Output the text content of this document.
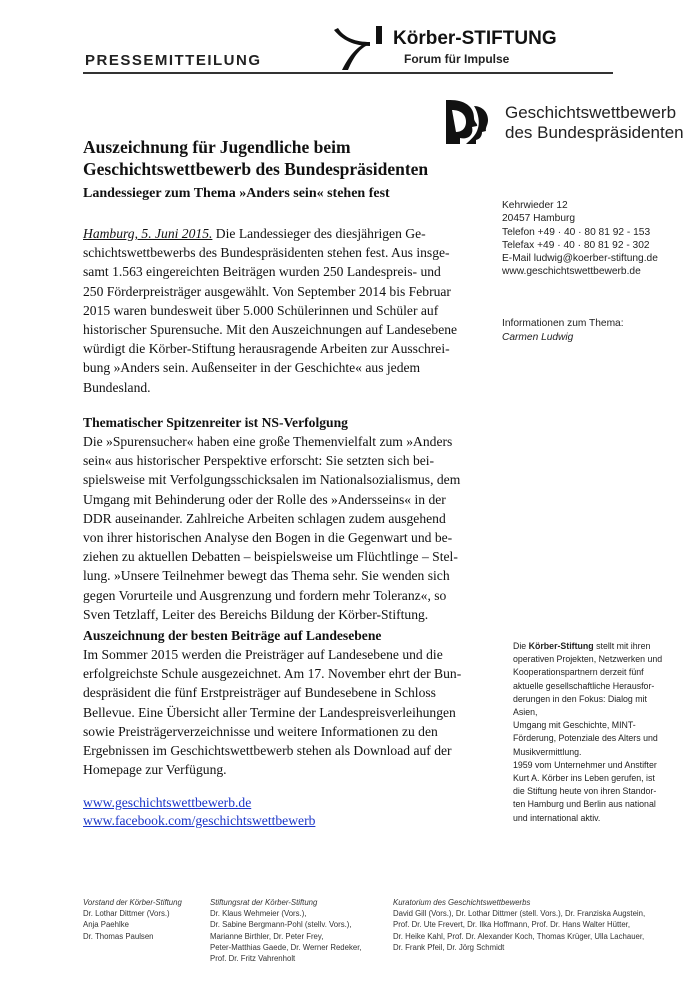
PRESSEMITTEILUNG
Körber-STIFTUNG
Forum für Impulse
Geschichtswettbewerb
des Bundespräsidenten
Auszeichnung für Jugendliche beim
Geschichtswettbewerb des Bundespräsidenten
Landessieger zum Thema »Anders sein« stehen fest
Hamburg, 5. Juni 2015. Die Landessieger des diesjährigen Ge-
schichtswettbewerbs des Bundespräsidenten stehen fest. Aus insge-
samt 1.563 eingereichten Beiträgen wurden 250 Landespreis- und
250 Förderpreisträger ausgewählt. Von September 2014 bis Februar
2015 waren bundesweit über 5.000 Schülerinnen und Schüler auf
historischer Spurensuche. Mit den Auszeichnungen auf Landesebene
würdigt die Körber-Stiftung herausragende Arbeiten zur Ausschrei-
bung »Anders sein. Außenseiter in der Geschichte« aus jedem
Bundesland.
Thematischer Spitzenreiter ist NS-Verfolgung
Die »Spurensucher« haben eine große Themenvielfalt zum »Anders
sein« aus historischer Perspektive erforscht: Sie setzten sich bei-
spielsweise mit Verfolgungsschicksalen im Nationalsozialismus, dem
Umgang mit Behinderung oder der Rolle des »Andersseins« in der
DDR auseinander. Zahlreiche Arbeiten schlagen zudem ausgehend
von ihrer historischen Analyse den Bogen in die Gegenwart und be-
ziehen zu aktuellen Debatten – beispielsweise um Flüchtlinge – Stel-
lung. »Unsere Teilnehmer bewegt das Thema sehr. Sie wenden sich
gegen Vorurteile und Ausgrenzung und fordern mehr Toleranz«, so
Sven Tetzlaff, Leiter des Bereichs Bildung der Körber-Stiftung.
Auszeichnung der besten Beiträge auf Landesebene
Im Sommer 2015 werden die Preisträger auf Landesebene und die
erfolgreichste Schule ausgezeichnet. Am 17. November ehrt der Bun-
despräsident die fünf Erstpreisträger auf Bundesebene in Schloss
Bellevue. Eine Übersicht aller Termine der Landespreisverleihungen
sowie Preisträgerverzeichnisse und weitere Informationen zu den
Ergebnissen im Geschichtswettbewerb stehen als Download auf der
Homepage zur Verfügung.
www.geschichtswettbewerb.de
www.facebook.com/geschichtswettbewerb
Kehrwieder 12
20457 Hamburg
Telefon +49 · 40 · 80 81 92 - 153
Telefax +49 · 40 · 80 81 92 - 302
E-Mail ludwig@koerber-stiftung.de
www.geschichtswettbewerb.de
Informationen zum Thema:
Carmen Ludwig
Die Körber-Stiftung stellt mit ihren
operativen Projekten, Netzwerken und
Kooperationspartnern derzeit fünf
aktuelle gesellschaftliche Herausfor-
derungen in den Fokus: Dialog mit Asien,
Umgang mit Geschichte, MINT-
Förderung, Potenziale des Alters und
Musikvermittlung.
1959 vom Unternehmer und Anstifter
Kurt A. Körber ins Leben gerufen, ist
die Stiftung heute von ihren Standor-
ten Hamburg und Berlin aus national
und international aktiv.
Vorstand der Körber-Stiftung
Dr. Lothar Dittmer (Vors.)
Anja Paehlke
Dr. Thomas Paulsen
Stiftungsrat der Körber-Stiftung
Dr. Klaus Wehmeier (Vors.),
Dr. Sabine Bergmann-Pohl (stellv. Vors.),
Marianne Birthler, Dr. Peter Frey,
Peter-Matthias Gaede, Dr. Werner Redeker,
Prof. Dr. Fritz Vahrenholt
Kuratorium des Geschichtswettbewerbs
David Gill (Vors.), Dr. Lothar Dittmer (stell. Vors.), Dr. Franziska Augstein,
Prof. Dr. Ute Frevert, Dr. Ilka Hoffmann, Prof. Dr. Hans Walter Hütter,
Dr. Heike Kahl, Prof. Dr. Alexander Koch, Thomas Krüger, Ulla Lachauer,
Dr. Frank Pfeil, Dr. Jörg Schmidt
